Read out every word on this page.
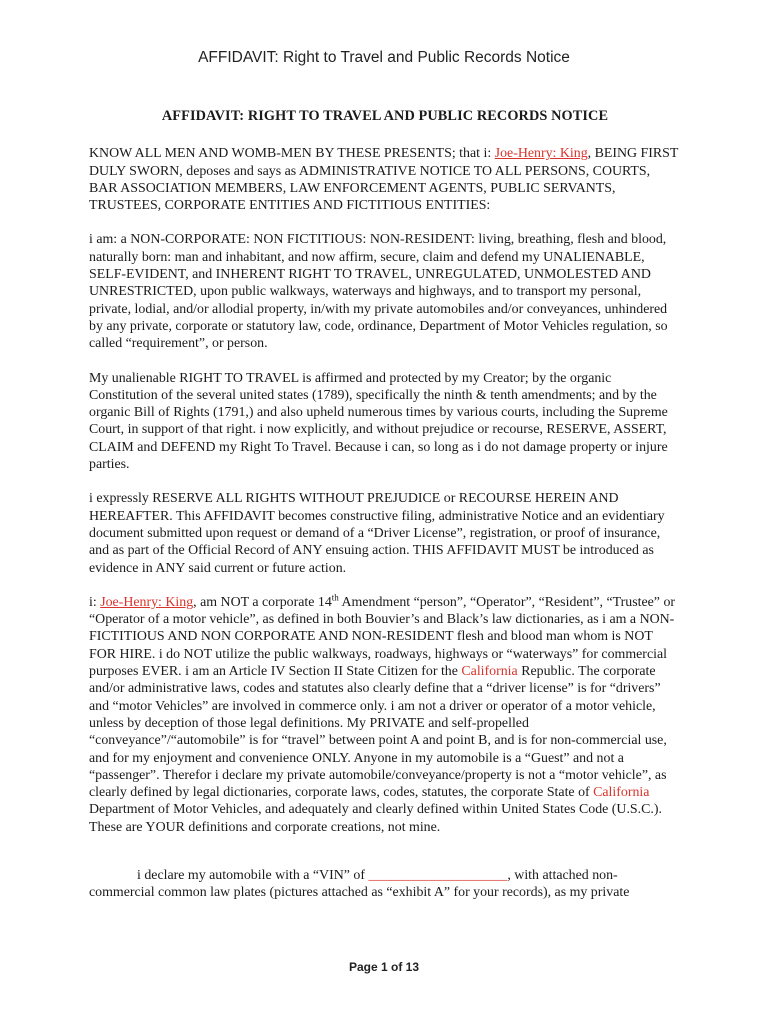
AFFIDAVIT: Right to Travel and Public Records Notice
AFFIDAVIT: RIGHT TO TRAVEL AND PUBLIC RECORDS NOTICE

KNOW ALL MEN AND WOMB-MEN BY THESE PRESENTS; that i: Joe-Henry: King, BEING FIRST DULY SWORN, deposes and says as ADMINISTRATIVE NOTICE TO ALL PERSONS, COURTS, BAR ASSOCIATION MEMBERS, LAW ENFORCEMENT AGENTS, PUBLIC SERVANTS, TRUSTEES, CORPORATE ENTITIES AND FICTITIOUS ENTITIES:

i am: a NON-CORPORATE: NON FICTITIOUS: NON-RESIDENT: living, breathing, flesh and blood, naturally born: man and inhabitant, and now affirm, secure, claim and defend my UNALIENABLE, SELF-EVIDENT, and INHERENT RIGHT TO TRAVEL, UNREGULATED, UNMOLESTED AND UNRESTRICTED, upon public walkways, waterways and highways, and to transport my personal, private, lodial, and/or allodial property, in/with my private automobiles and/or conveyances, unhindered by any private, corporate or statutory law, code, ordinance, Department of Motor Vehicles regulation, so called “requirement”, or person.

My unalienable RIGHT TO TRAVEL is affirmed and protected by my Creator; by the organic Constitution of the several united states (1789), specifically the ninth & tenth amendments; and by the organic Bill of Rights (1791,) and also upheld numerous times by various courts, including the Supreme Court, in support of that right. i now explicitly, and without prejudice or recourse, RESERVE, ASSERT, CLAIM and DEFEND my Right To Travel. Because i can, so long as i do not damage property or injure parties.

i expressly RESERVE ALL RIGHTS WITHOUT PREJUDICE or RECOURSE HEREIN AND HEREAFTER. This AFFIDAVIT becomes constructive filing, administrative Notice and an evidentiary document submitted upon request or demand of a “Driver License”, registration, or proof of insurance, and as part of the Official Record of ANY ensuing action. THIS AFFIDAVIT MUST be introduced as evidence in ANY said current or future action.

i: Joe-Henry: King, am NOT a corporate 14th Amendment “person”, “Operator”, “Resident”, “Trustee” or “Operator of a motor vehicle”, as defined in both Bouvier’s and Black’s law dictionaries, as i am a NON-FICTITIOUS AND NON CORPORATE AND NON-RESIDENT flesh and blood man whom is NOT FOR HIRE. i do NOT utilize the public walkways, roadways, highways or “waterways” for commercial purposes EVER. i am an Article IV Section II State Citizen for the California Republic. The corporate and/or administrative laws, codes and statutes also clearly define that a “driver license” is for “drivers” and “motor Vehicles” are involved in commerce only. i am not a driver or operator of a motor vehicle, unless by deception of those legal definitions. My PRIVATE and self-propelled “conveyance”/“automobile” is for “travel” between point A and point B, and is for non-commercial use, and for my enjoyment and convenience ONLY. Anyone in my automobile is a “Guest” and not a “passenger”. Therefor i declare my private automobile/conveyance/property is not a “motor vehicle”, as clearly defined by legal dictionaries, corporate laws, codes, statutes, the corporate State of California Department of Motor Vehicles, and adequately and clearly defined within United States Code (U.S.C.). These are YOUR definitions and corporate creations, not mine.

i declare my automobile with a “VIN” of ____________________, with attached non-commercial common law plates (pictures attached as “exhibit A” for your records), as my private

Page 1 of 13
